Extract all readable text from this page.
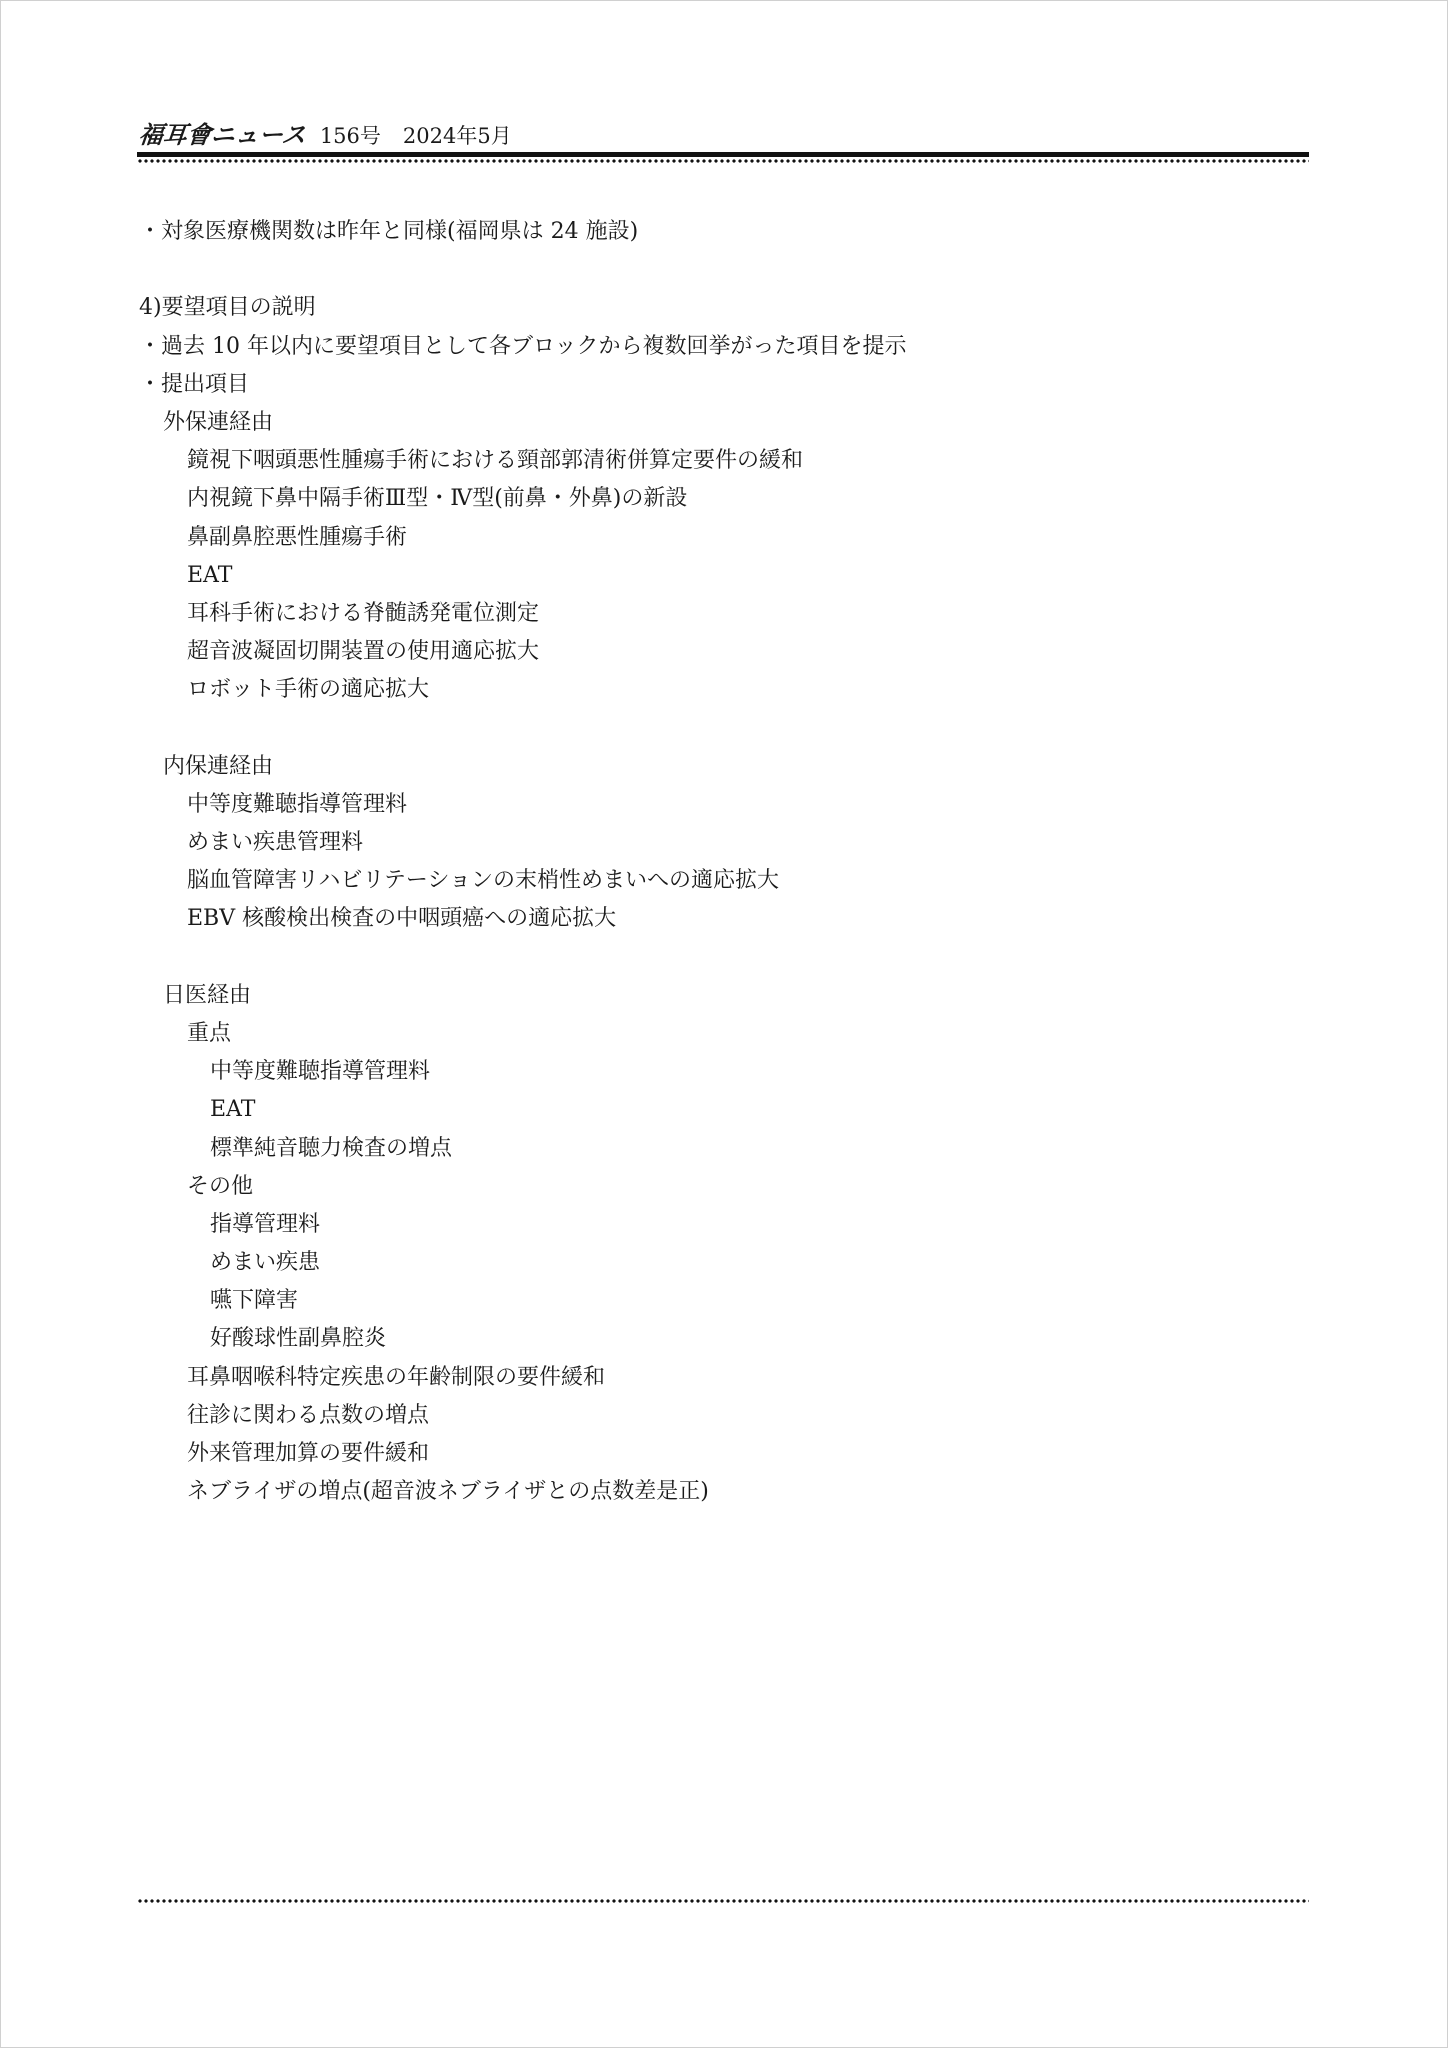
福耳會ニュース 156号 2024年5月
・対象医療機関数は昨年と同様(福岡県は 24 施設)
4)要望項目の説明
・過去 10 年以内に要望項目として各ブロックから複数回挙がった項目を提示
・提出項目
外保連経由
鏡視下咽頭悪性腫瘍手術における頸部郭清術併算定要件の緩和
内視鏡下鼻中隔手術Ⅲ型・Ⅳ型(前鼻・外鼻)の新設
鼻副鼻腔悪性腫瘍手術
EAT
耳科手術における脊髄誘発電位測定
超音波凝固切開装置の使用適応拡大
ロボット手術の適応拡大
内保連経由
中等度難聴指導管理料
めまい疾患管理料
脳血管障害リハビリテーションの末梢性めまいへの適応拡大
EBV 核酸検出検査の中咽頭癌への適応拡大
日医経由
重点
中等度難聴指導管理料
EAT
標準純音聴力検査の増点
その他
指導管理料
めまい疾患
嚥下障害
好酸球性副鼻腔炎
耳鼻咽喉科特定疾患の年齢制限の要件緩和
往診に関わる点数の増点
外来管理加算の要件緩和
ネブライザの増点(超音波ネブライザとの点数差是正)
